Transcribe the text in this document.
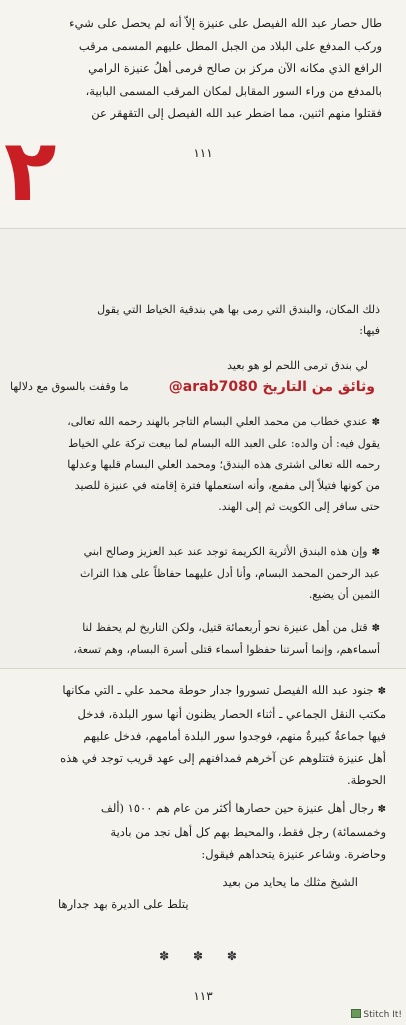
طال حصار عبد الله الفيصل على عنيزة إلاّ أنه لم يحصل على شيء
وركب المدفع على البلاد من الجبل المطل عليهم المسمى مرقب
الرافع الذي مكانه الآن مركز بن صالح فرمى أهلُ عنيزة الرامي
بالمدفع من وراء السور المقابل لمكان المرقب المسمى البابية،
فقتلوا منهم اثنين، مما اضطر عبد الله الفيصل إلى التقهقر عن
١١١
٢
ذلك المكان، والبندق التي رمى بها هي بندقية الخياط التي يقول
فيها:
لي بندق ترمى اللحم لو هو بعيد
ما وقفت بالسوق مع دلالها	@arab7080 وثائق من التاريخ
✽عندي خطاب من محمد العلي البسام التاجر بالهند رحمه الله تعالى،
يقول فيه: أن والده: على العبد الله البسام لما بيعت تركة علي الخياط
رحمه الله تعالى اشترى هذه البندق؛ ومحمد العلي البسام قلبها وعدلها
من كونها فتيلاً إلى مفمع، وأنه استعملها فترة إقامته في عنيزة للصيد
حتى سافر إلى الكويت ثم إلى الهند.
✽وإن هذه البندق الأثرية الكريمة توجد عند عبد العزيز وصالح ابني
عبد الرحمن المحمد البسام، وأنا أدل عليهما حفاظاً على هذا التراث
الثمين أن يضيع.
✽قتل من أهل عنيزة نحو أربعمائة قتيل، ولكن التاريخ لم يحفظ لنا
أسماءهم، وإنما أسرتنا حفظوا أسماء قتلى أسرة البسام، وهم تسعة،
✽جنود عبد الله الفيصل تسوروا جدار حوطة محمد علي ـ التي مكانها
مكتب النقل الجماعي ـ أثناء الحصار يظنون أنها سور البلدة، فدخل
فيها جماعةٌ كبيرةٌ منهم، فوجدوا سور البلدة أمامهم، فدخل عليهم
أهل عنيزة فتتلوهم عن آخرهم فمدافنهم إلى عهد قريب توجد في هذه
الحوطة.
✽رجال أهل عنيزة حين حصارها أكثر من عام هم ١٥٠٠ (ألف
وخمسمائة) رجل فقط، والمحيط بهم كل أهل نجد من بادية
وحاضرة. وشاعر عنيزة يتحداهم فيقول:
الشيخ مثلك ما يحايد من بعيد
يتلط على الديرة بهد جدارها
✽ ✽ ✽
١١٣
Stitch It!
